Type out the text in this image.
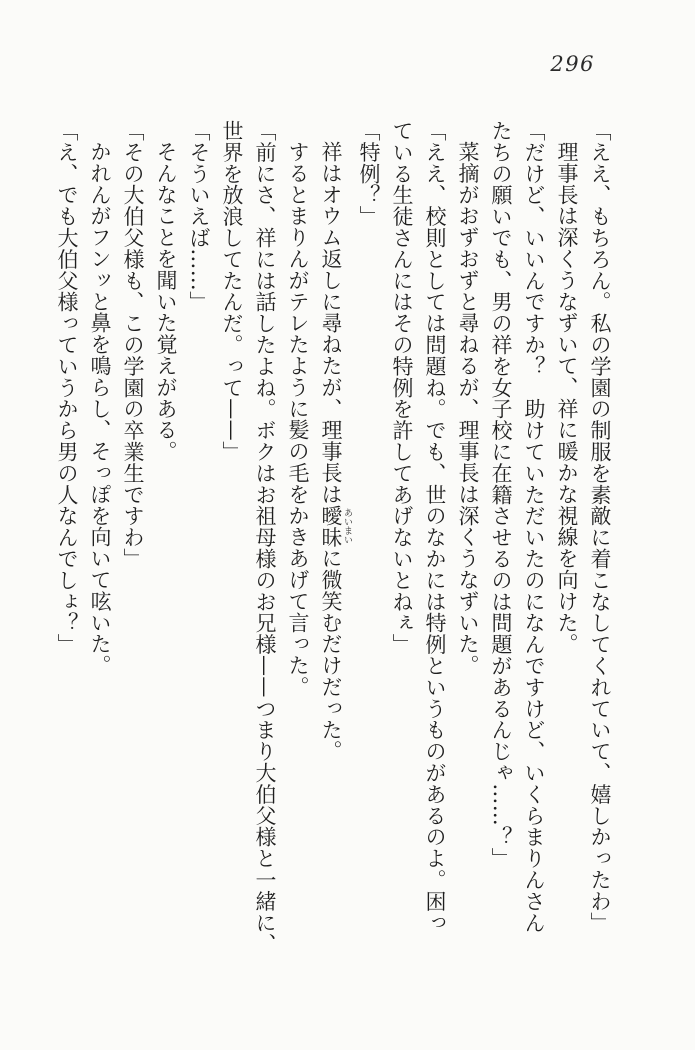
296

「ええ、もちろん。私の学園の制服を素敵に着こなしてくれていて、嬉しかったわ」

理事長は深くうなずいて、祥に暖かな視線を向けた。

「だけど、いいんですか？　助けていただいたのになんですけど、いくらまりんさん

たちの願いでも、男の祥を女子校に在籍させるのは問題があるんじゃ……？」

菜摘がおずおずと尋ねるが、理事長は深くうなずいた。

「ええ、校則としては問題ね。でも、世のなかには特例というものがあるのよ。困っ

ている生徒さんにはその特例を許してあげないとねぇ」

「特例？」

祥はオウム返しに尋ねたが、理事長は曖昧 あいまいに微笑むだけだった。

するとまりんがテレたように髪の毛をかきあげて言った。

「前にさ、祥には話したよね。ボクはお祖母様のお兄様——つまり大伯父様と一緒に、

世界を放浪してたんだ。って——」

「そういえば……」

そんなことを聞いた覚えがある。

「その大伯父様も、この学園の卒業生ですわ」

かれんがフンッと鼻を鳴らし、そっぽを向いて呟いた。

「え、でも大伯父様っていうから男の人なんでしょ？」
